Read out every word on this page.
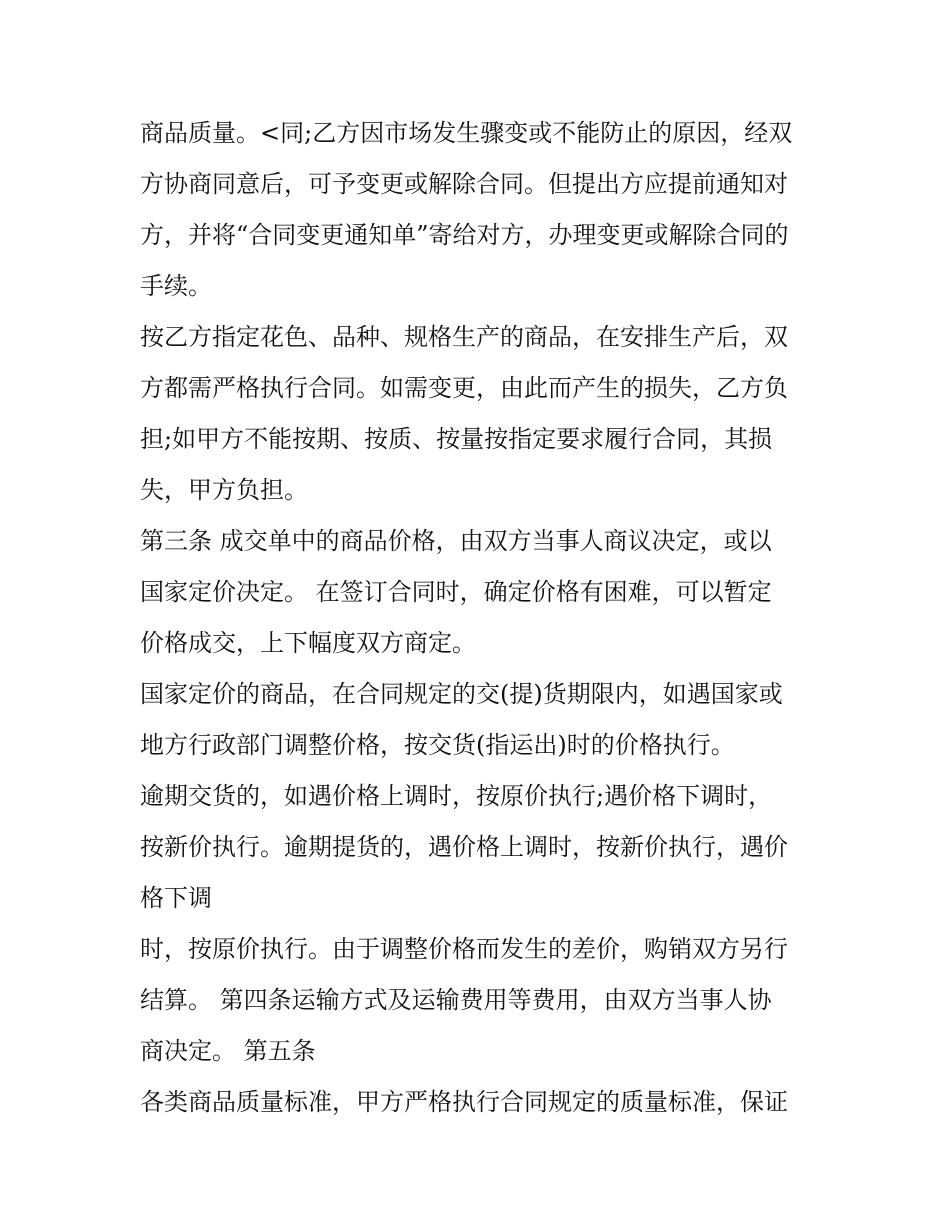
商品质量。<同;乙方因市场发生骤变或不能防止的原因，经双
方协商同意后，可予变更或解除合同。但提出方应提前通知对
方，并将“合同变更通知单”寄给对方，办理变更或解除合同的
手续。
按乙方指定花色、品种、规格生产的商品，在安排生产后，双
方都需严格执行合同。如需变更，由此而产生的损失，乙方负
担;如甲方不能按期、按质、按量按指定要求履行合同，其损
失，甲方负担。
第三条 成交单中的商品价格，由双方当事人商议决定，或以
国家定价决定。 在签订合同时，确定价格有困难，可以暂定
价格成交，上下幅度双方商定。
国家定价的商品，在合同规定的交(提)货期限内，如遇国家或
地方行政部门调整价格，按交货(指运出)时的价格执行。
逾期交货的，如遇价格上调时，按原价执行;遇价格下调时，
按新价执行。逾期提货的，遇价格上调时，按新价执行，遇价
格下调
时，按原价执行。由于调整价格而发生的差价，购销双方另行
结算。 第四条运输方式及运输费用等费用，由双方当事人协
商决定。 第五条
各类商品质量标准，甲方严格执行合同规定的质量标准，保证
